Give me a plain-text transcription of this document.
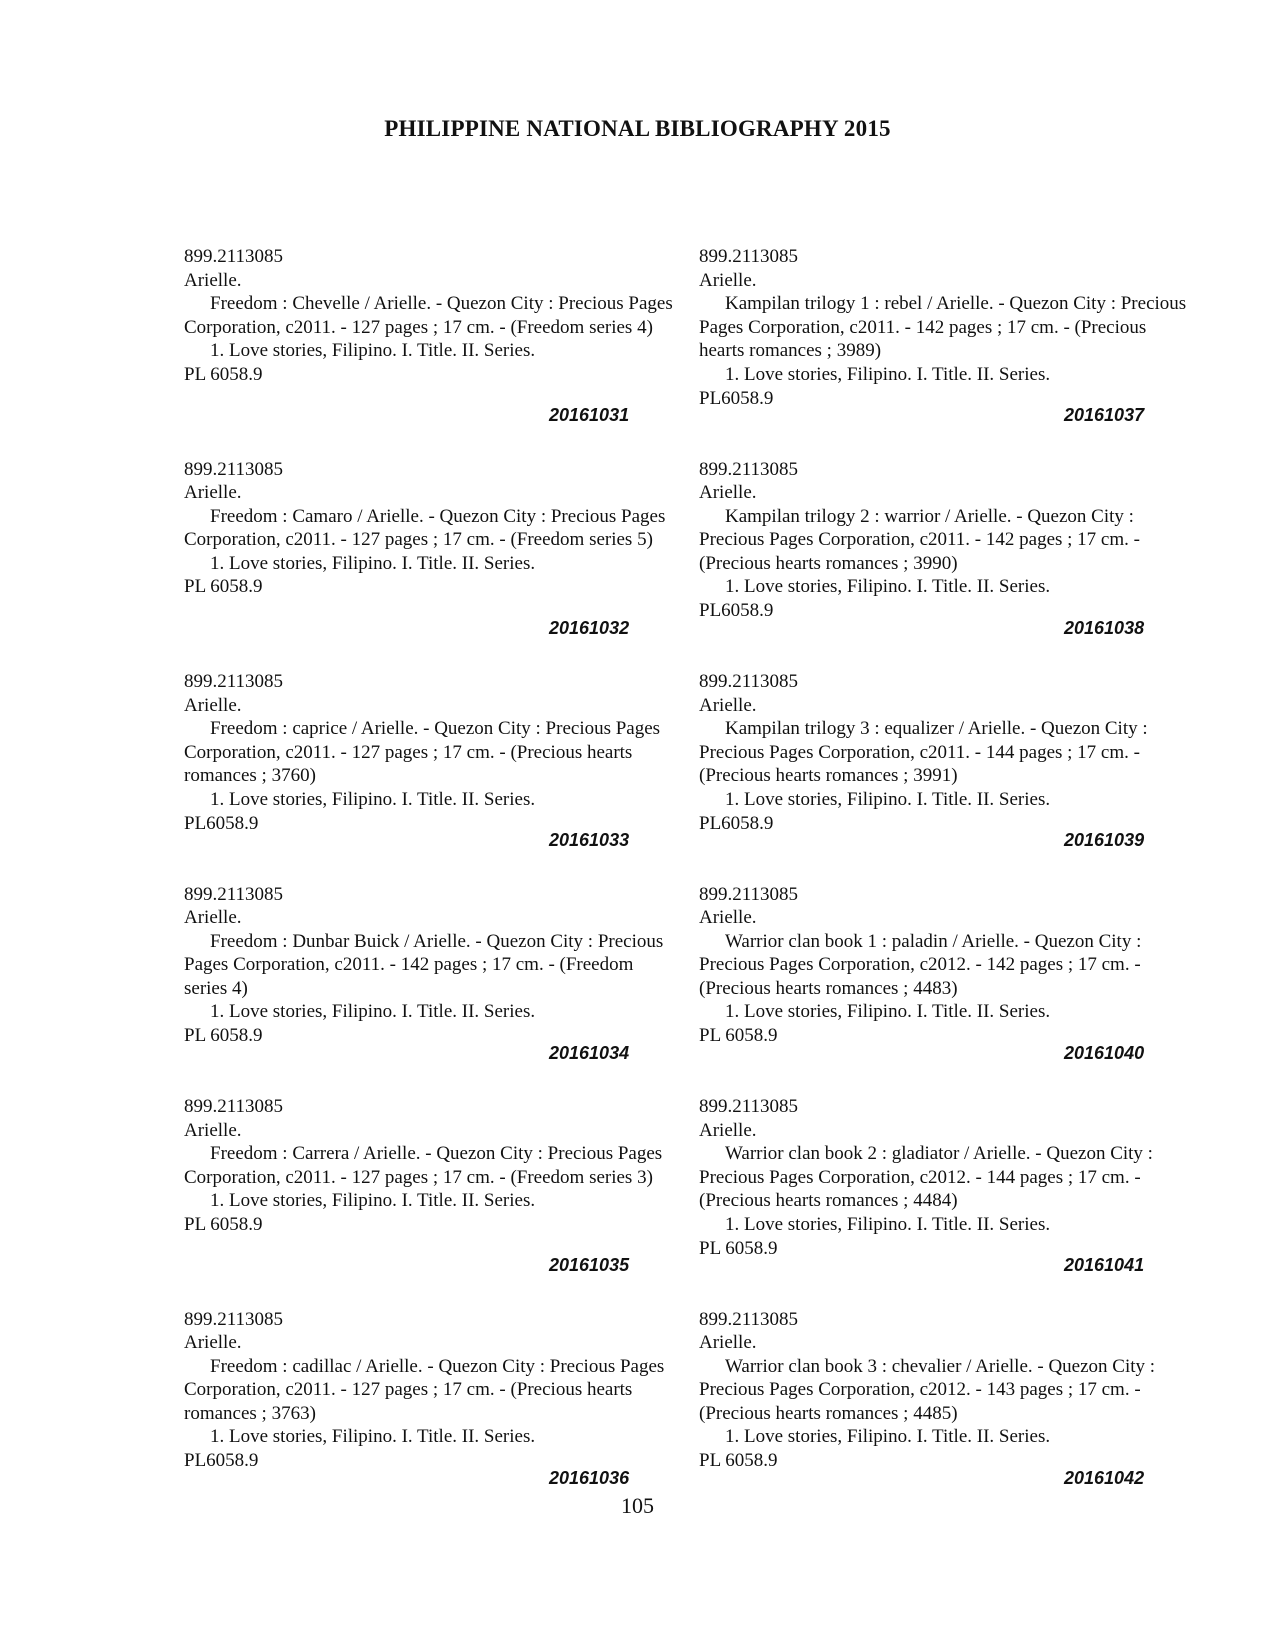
PHILIPPINE NATIONAL BIBLIOGRAPHY 2015
899.2113085
Arielle.
Freedom : Chevelle / Arielle. - Quezon City : Precious Pages Corporation, c2011. - 127 pages ; 17 cm. - (Freedom series 4)
1. Love stories, Filipino. I. Title. II. Series.
PL 6058.9
20161031
899.2113085
Arielle.
Freedom : Camaro / Arielle. - Quezon City : Precious Pages Corporation, c2011. - 127 pages ; 17 cm. - (Freedom series 5)
1. Love stories, Filipino. I. Title. II. Series.
PL 6058.9
20161032
899.2113085
Arielle.
Freedom : caprice / Arielle. - Quezon City : Precious Pages Corporation, c2011. - 127 pages ; 17 cm. - (Precious hearts romances ; 3760)
1. Love stories, Filipino. I. Title. II. Series.
PL6058.9
20161033
899.2113085
Arielle.
Freedom : Dunbar Buick / Arielle. - Quezon City : Precious Pages Corporation, c2011. - 142 pages ; 17 cm. - (Freedom series 4)
1. Love stories, Filipino. I. Title. II. Series.
PL 6058.9
20161034
899.2113085
Arielle.
Freedom : Carrera / Arielle. - Quezon City : Precious Pages Corporation, c2011. - 127 pages ; 17 cm. - (Freedom series 3)
1. Love stories, Filipino. I. Title. II. Series.
PL 6058.9
20161035
899.2113085
Arielle.
Freedom : cadillac / Arielle. - Quezon City : Precious Pages Corporation, c2011. - 127 pages ; 17 cm. - (Precious hearts romances ; 3763)
1. Love stories, Filipino. I. Title. II. Series.
PL6058.9
20161036
899.2113085
Arielle.
Kampilan trilogy 1 : rebel / Arielle. - Quezon City : Precious Pages Corporation, c2011. - 142 pages ; 17 cm. - (Precious hearts romances ; 3989)
1. Love stories, Filipino. I. Title. II. Series.
PL6058.9
20161037
899.2113085
Arielle.
Kampilan trilogy 2 : warrior / Arielle. - Quezon City : Precious Pages Corporation, c2011. - 142 pages ; 17 cm. - (Precious hearts romances ; 3990)
1. Love stories, Filipino. I. Title. II. Series.
PL6058.9
20161038
899.2113085
Arielle.
Kampilan trilogy 3 : equalizer / Arielle. - Quezon City : Precious Pages Corporation, c2011. - 144 pages ; 17 cm. - (Precious hearts romances ; 3991)
1. Love stories, Filipino. I. Title. II. Series.
PL6058.9
20161039
899.2113085
Arielle.
Warrior clan book 1 : paladin / Arielle. - Quezon City : Precious Pages Corporation, c2012. - 142 pages ; 17 cm. - (Precious hearts romances ; 4483)
1. Love stories, Filipino. I. Title. II. Series.
PL 6058.9
20161040
899.2113085
Arielle.
Warrior clan book 2 : gladiator / Arielle. - Quezon City : Precious Pages Corporation, c2012. - 144 pages ; 17 cm. - (Precious hearts romances ; 4484)
1. Love stories, Filipino. I. Title. II. Series.
PL 6058.9
20161041
899.2113085
Arielle.
Warrior clan book 3 : chevalier / Arielle. - Quezon City : Precious Pages Corporation, c2012. - 143 pages ; 17 cm. - (Precious hearts romances ; 4485)
1. Love stories, Filipino. I. Title. II. Series.
PL 6058.9
20161042
105
